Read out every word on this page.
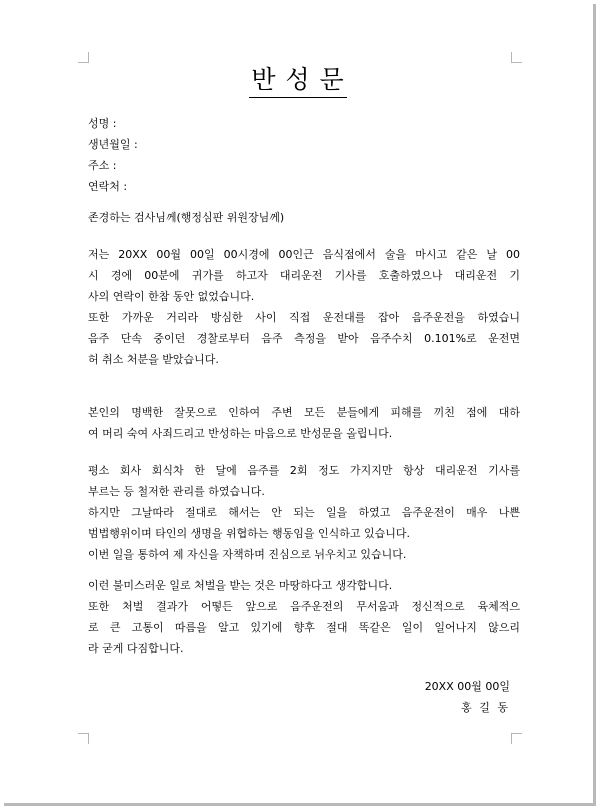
반 성 문
성명 :
생년월일 :
주소 :
연락처 :
존경하는 검사님께(행정심판 위원장님께)
저는 20XX 00월 00일 00시경에 00인근 음식점에서 술을 마시고 같은 날 00
시 경에 00분에 귀가를 하고자 대리운전 기사를 호출하였으나 대리운전 기
사의 연락이 한참 동안 없었습니다.
또한 가까운 거리라 방심한 사이 직접 운전대를 잡아 음주운전을 하였습니
음주 단속 중이던 경찰로부터 음주 측정을 받아 음주수치 0.101%로 운전면
허 취소 처분을 받았습니다.
본인의 명백한 잘못으로 인하여 주변 모든 분들에게 피해를 끼친 점에 대하
여 머리 숙여 사죄드리고 반성하는 마음으로 반성문을 올립니다.
평소 회사 회식차 한 달에 음주를 2회 정도 가지지만 항상 대리운전 기사를
부르는 등 철저한 관리를 하였습니다.
하지만 그날따라 절대로 해서는 안 되는 일을 하였고 음주운전이 매우 나쁜
범법행위이며 타인의 생명을 위협하는 행동임을 인식하고 있습니다.
이번 일을 통하여 제 자신을 자책하며 진심으로 뉘우치고 있습니다.
이런 불미스러운 일로 처벌을 받는 것은 마땅하다고 생각합니다.
또한 처벌 결과가 어떻든 앞으로 음주운전의 무서움과 정신적으로 육체적으
로 큰 고통이 따름을 알고 있기에 향후 절대 똑같은 일이 일어나지 않으리
라 굳게 다짐합니다.
20XX 00월 00일
홍 길 동
